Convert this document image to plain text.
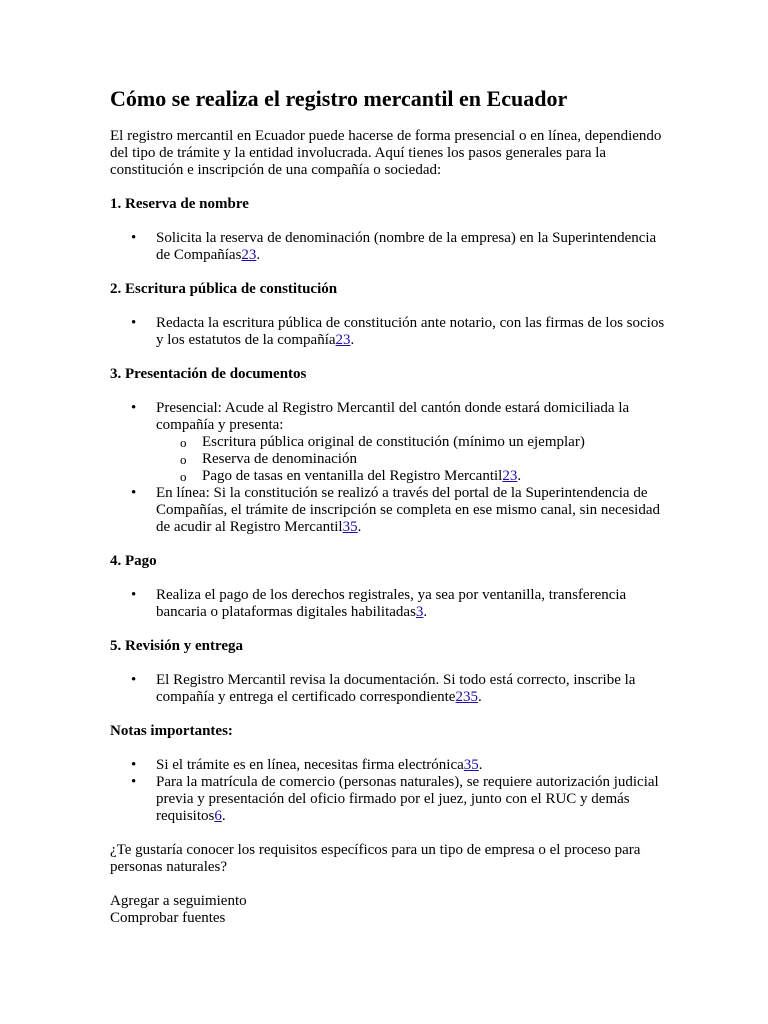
Cómo se realiza el registro mercantil en Ecuador

El registro mercantil en Ecuador puede hacerse de forma presencial o en línea, dependiendo del tipo de trámite y la entidad involucrada. Aquí tienes los pasos generales para la constitución e inscripción de una compañía o sociedad:

1. Reserva de nombre

• Solicita la reserva de denominación (nombre de la empresa) en la Superintendencia de Compañías23.

2. Escritura pública de constitución

• Redacta la escritura pública de constitución ante notario, con las firmas de los socios y los estatutos de la compañía23.

3. Presentación de documentos

• Presencial: Acude al Registro Mercantil del cantón donde estará domiciliada la compañía y presenta:
o Escritura pública original de constitución (mínimo un ejemplar)
o Reserva de denominación
o Pago de tasas en ventanilla del Registro Mercantil23.
• En línea: Si la constitución se realizó a través del portal de la Superintendencia de Compañías, el trámite de inscripción se completa en ese mismo canal, sin necesidad de acudir al Registro Mercantil35.

4. Pago

• Realiza el pago de los derechos registrales, ya sea por ventanilla, transferencia bancaria o plataformas digitales habilitadas3.

5. Revisión y entrega

• El Registro Mercantil revisa la documentación. Si todo está correcto, inscribe la compañía y entrega el certificado correspondiente235.

Notas importantes:

• Si el trámite es en línea, necesitas firma electrónica35.
• Para la matrícula de comercio (personas naturales), se requiere autorización judicial previa y presentación del oficio firmado por el juez, junto con el RUC y demás requisitos6.

¿Te gustaría conocer los requisitos específicos para un tipo de empresa o el proceso para personas naturales?

Agregar a seguimiento

Comprobar fuentes
